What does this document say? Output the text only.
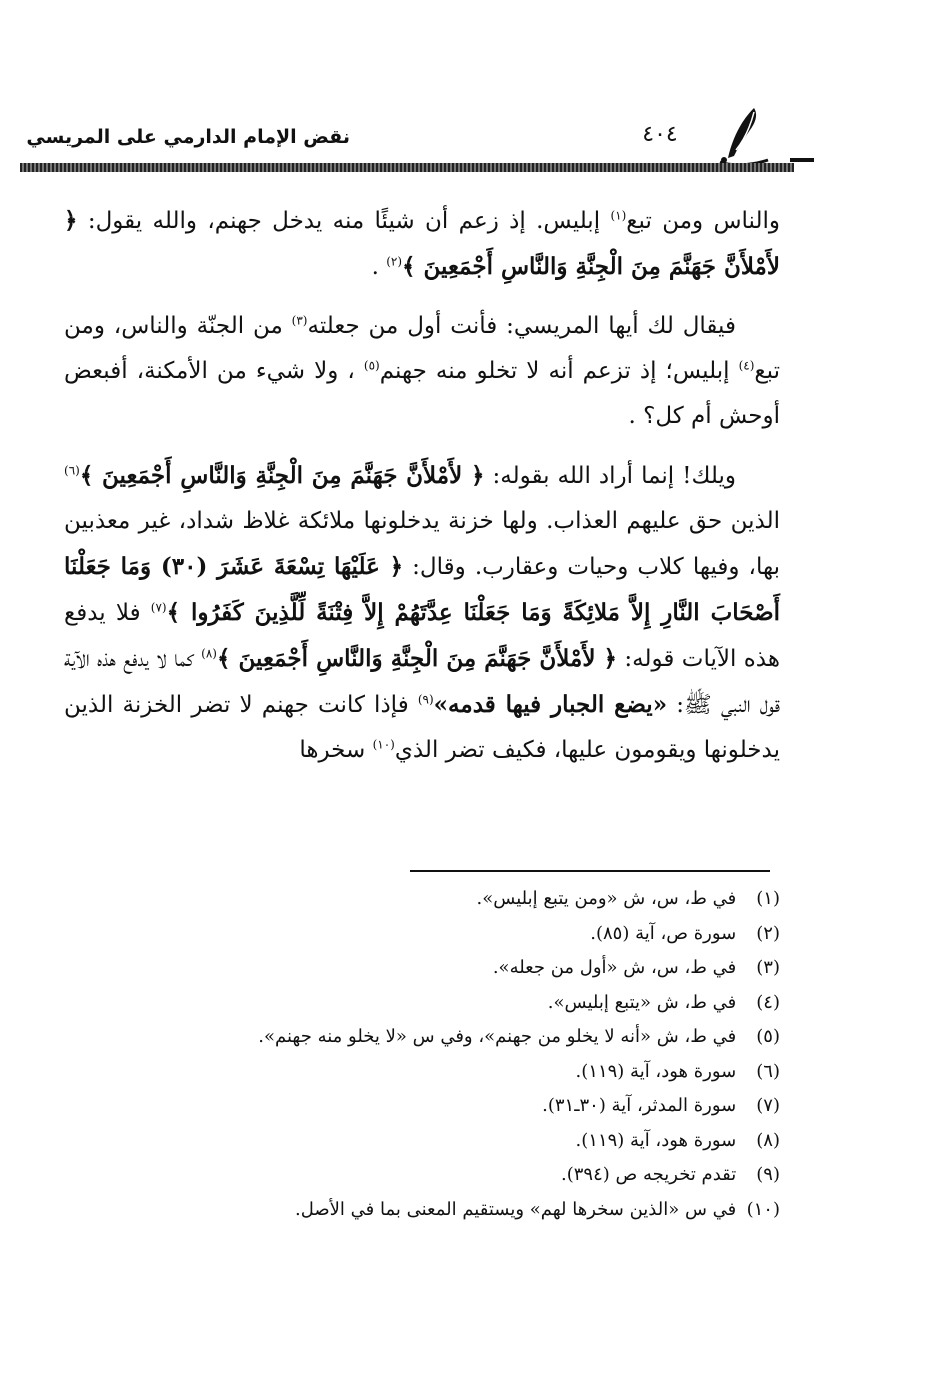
نقض الإمام الدارمي على المريسي	٤٠٤

والناس ومن تبع$^{(١)}$ إبليس. إذ زعم أن شيئًا منه يدخل جهنم، والله يقول: ﴿ لأَمْلأَنَّ جَهَنَّمَ مِنَ الْجِنَّةِ وَالنَّاسِ أَجْمَعِينَ ﴾$^{(٢)}$ .

فيقال لك أيها المريسي: فأنت أول من جعلته$^{(٣)}$ من الجنّة والناس، ومن تبع$^{(٤)}$ إبليس؛ إذ تزعم أنه لا تخلو منه جهنم$^{(٥)}$ ، ولا شيء من الأمكنة، أفبعض أوحش أم كل؟ .

ويلك! إنما أراد الله بقوله: ﴿ لأَمْلأَنَّ جَهَنَّمَ مِنَ الْجِنَّةِ وَالنَّاسِ أَجْمَعِينَ ﴾$^{(٦)}$ الذين حق عليهم العذاب. ولها خزنة يدخلونها ملائكة غلاظ شداد، غير معذبين بها، وفيها كلاب وحيات وعقارب. وقال: ﴿ عَلَيْهَا تِسْعَةَ عَشَرَ (٣٠) وَمَا جَعَلْنَا أَصْحَابَ النَّارِ إِلاَّ مَلائِكَةً وَمَا جَعَلْنَا عِدَّتَهُمْ إِلاَّ فِتْنَةً لِّلَّذِينَ كَفَرُوا ﴾$^{(٧)}$ فلا يدفع هذه الآيات قوله: ﴿ لأَمْلأَنَّ جَهَنَّمَ مِنَ الْجِنَّةِ وَالنَّاسِ أَجْمَعِينَ ﴾$^{(٨)}$ كما لا يدفع هذه الآية قول النبي ﷺ: «يضع الجبار فيها قدمه»$^{(٩)}$ فإذا كانت جهنم لا تضر الخزنة الذين يدخلونها ويقومون عليها، فكيف تضر الذي$^{(١٠)}$ سخرها

(١) في ط، س، ش «ومن يتبع إبليس».
(٢) سورة ص، آية (٨٥).
(٣) في ط، س، ش «أول من جعله».
(٤) في ط، ش «يتبع إبليس».
(٥) في ط، ش «أنه لا يخلو من جهنم»، وفي س «لا يخلو منه جهنم».
(٦) سورة هود، آية (١١٩).
(٧) سورة المدثر، آية (٣٠ـ٣١).
(٨) سورة هود، آية (١١٩).
(٩) تقدم تخريجه ص (٣٩٤).
(١٠) في س «الذين سخرها لهم» ويستقيم المعنى بما في الأصل.
